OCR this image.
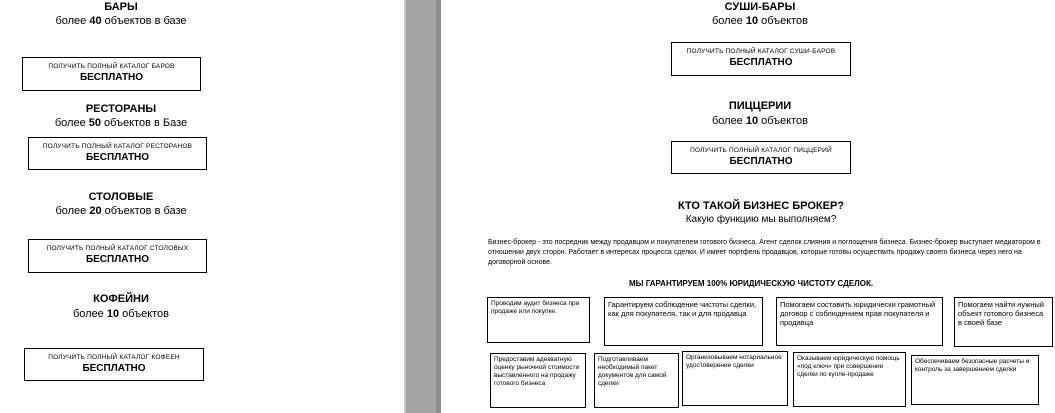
БАРЫ
более 40 объектов в базе
ПОЛУЧИТЬ ПОЛНЫЙ КАТАЛОГ БАРОВ
БЕСПЛАТНО
РЕСТОРАНЫ
более 50 объектов в Базе
ПОЛУЧИТЬ ПОЛНЫЙ КАТАЛОГ РЕСТОРАНОВ
БЕСПЛАТНО
СТОЛОВЫЕ
более 20 объектов в базе
ПОЛУЧИТЬ ПОЛНЫЙ КАТАЛОГ СТОЛОВЫХ
БЕСПЛАТНО
КОФЕЙНИ
более 10 объектов
ПОЛУЧИТЬ ПОЛНЫЙ КАТАЛОГ КОФЕЕН
БЕСПЛАТНО
СУШИ-БАРЫ
более 10 объектов
ПОЛУЧИТЬ ПОЛНЫЙ КАТАЛОГ СУШИ-БАРОВ
БЕСПЛАТНО
ПИЦЦЕРИИ
более 10 объектов
ПОЛУЧИТЬ ПОЛНЫЙ КАТАЛОГ ПИЦЦЕРИЙ
БЕСПЛАТНО
КТО ТАКОЙ БИЗНЕС БРОКЕР?
Какую функцию мы выполняем?
Бизнес-брокер - это посредник между продавцом и покупателем готового бизнеса. Агент сделок слияния и поглощения бизнеса. Бизнес-брокер выступает медиатором в отношении двух сторон. Работает в интересах процесса сделки. И имеет портфель продавцов, которые готовы осуществить продажу своего бизнеса через него на договорной основе.
МЫ ГАРАНТИРУЕМ 100% ЮРИДИЧЕСКУЮ ЧИСТОТУ СДЕЛОК.
Проводим аудит бизнеса при продаже или покупке.
Гарантируем соблюдение чистоты сделки, как для покупателя, так и для продавца
Помогаем составить юридически грамотный договор с соблюдением прав покупателя и продавца
Помогаем найти нужный объект готового бизнеса в своей базе
Предоставим адекватную оценку рыночной стоимости выставленного на продажу готового бизнеса
Подготавливаем необходимый пакет документов для самой сделки
Организовываем нотариальное удостоверение сделки
Оказываем юридическую помощь «под ключ» при совершении сделки по купле-продаже
Обеспечиваем безопасные расчеты и контроль за завершением сделки
